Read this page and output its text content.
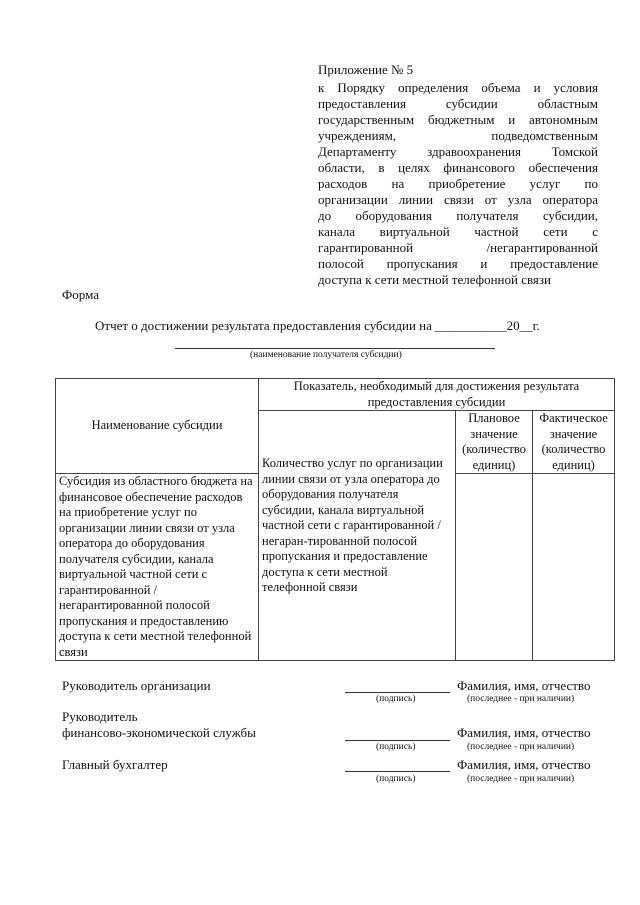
Приложение № 5
к Порядку определения объема и условия
предоставления субсидии областным
государственным бюджетным и автономным
учреждениям, подведомственным
Департаменту здравоохранения Томской
области, в целях финансового обеспечения
расходов на приобретение услуг по
организации линии связи от узла оператора
до оборудования получателя субсидии,
канала виртуальной частной сети с
гарантированной /негарантированной
полосой пропускания и предоставление
доступа к сети местной телефонной связи
Форма
Отчет о достижении результата предоставления субсидии на ___________20__г.
(наименование получателя субсидии)
Наименование субсидии	Показатель, необходимый для достижения результата предоставления субсидии		
	Количество услуг по организации линии связи от узла оператора до оборудования получателя субсидии, канала виртуальной частной сети с гарантированной /негаран-тированной полосой пропускания и предоставление доступа к сети местной телефонной связи	Плановое значение (количество единиц)	Фактическое значение (количество единиц)
Субсидия из областного бюджета на финансовое обеспечение расходов на приобретение услуг по организации линии связи от узла оператора до оборудования получателя субсидии, канала виртуальной частной сети с гарантированной /негарантированной полосой пропускания и предоставлению доступа к сети местной телефонной связи			
Руководитель организации	Фамилия, имя, отчество
(подпись)	(последнее - при наличии)
Руководитель
финансово-экономической службы	Фамилия, имя, отчество
(подпись)	(последнее - при наличии)
Главный бухгалтер	Фамилия, имя, отчество
(подпись)	(последнее - при наличии)
